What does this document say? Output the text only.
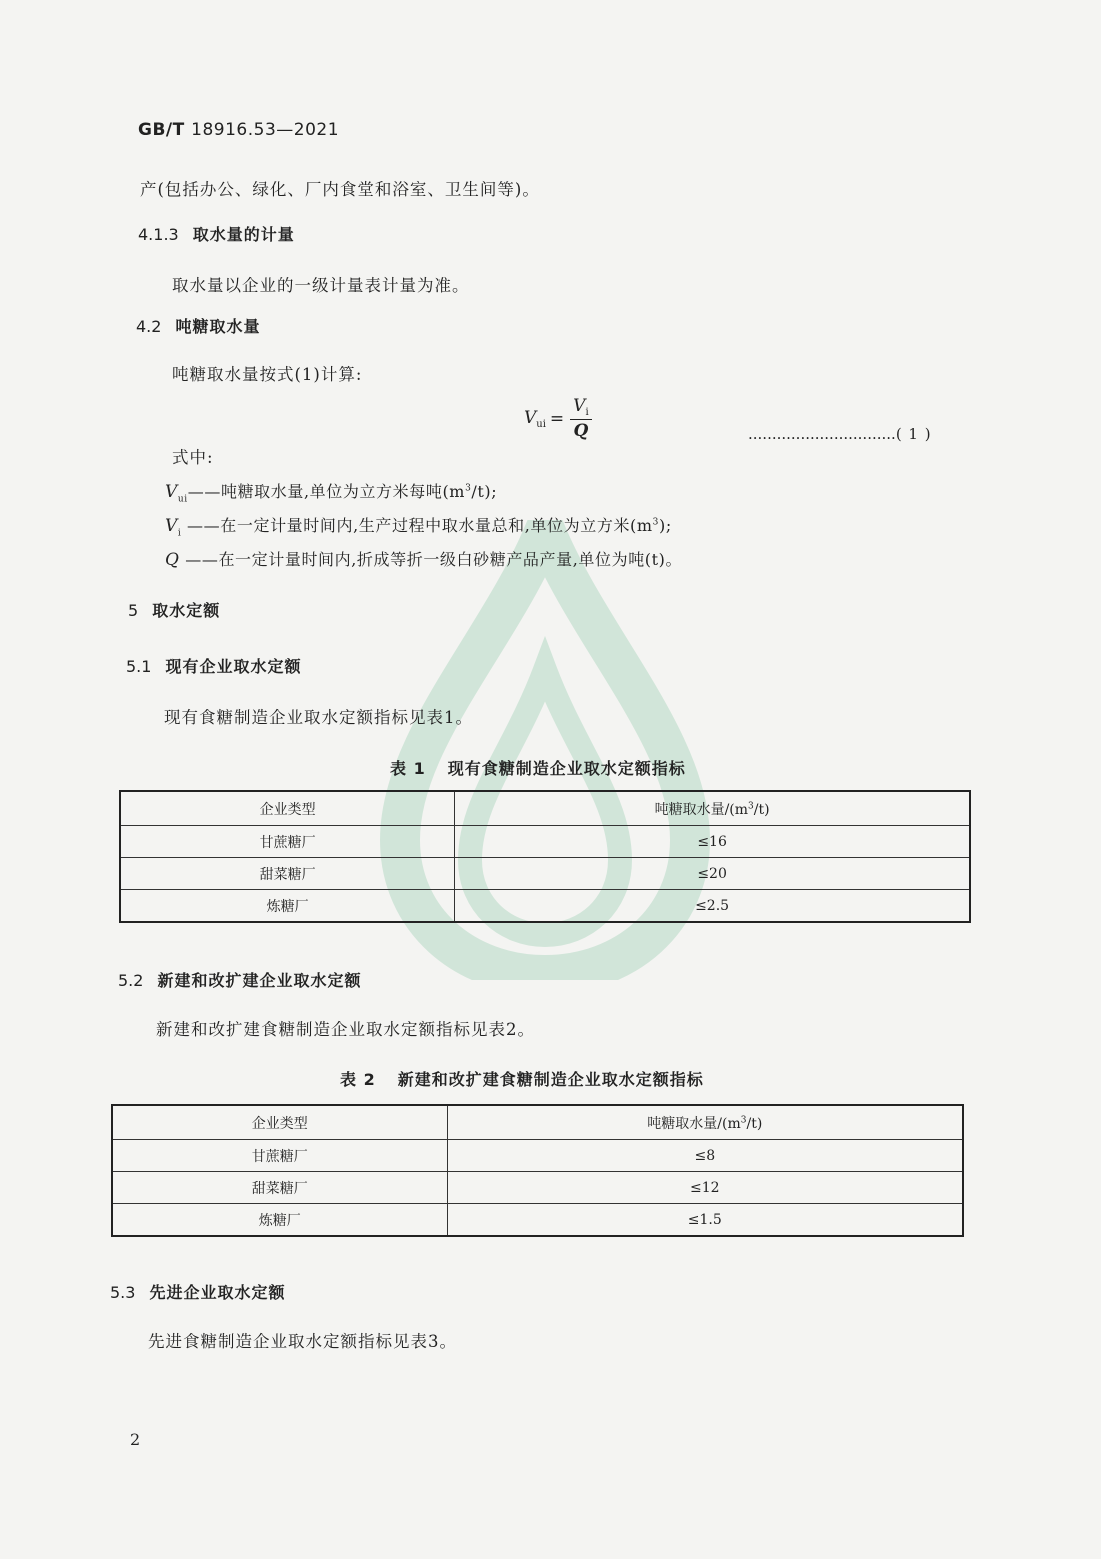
GB/T 18916.53—2021
产(包括办公、绿化、厂内食堂和浴室、卫生间等)。
4.1.3 取水量的计量
取水量以企业的一级计量表计量为准。
4.2 吨糖取水量
吨糖取水量按式(1)计算:
$V_{ui} = \frac{V_i}{Q}$	...............................( 1 )
式中:
$V_{ui}——$吨糖取水量,单位为立方米每吨$(m^3/t)$;
$V_i$ ——在一定计量时间内,生产过程中取水量总和,单位为立方米$(m^3)$;
Q ——在一定计量时间内,折成等折一级白砂糖产品产量,单位为吨(t)。
5 取水定额
5.1 现有企业取水定额
现有食糖制造企业取水定额指标见表1。
表 1 现有食糖制造企业取水定额指标
企业类型	吨糖取水量$/(m^3/t)$
甘蔗糖厂	≤16
甜菜糖厂	≤20
炼糖厂	≤2.5
5.2 新建和改扩建企业取水定额
新建和改扩建食糖制造企业取水定额指标见表2。
表 2 新建和改扩建食糖制造企业取水定额指标
企业类型	吨糖取水量$/(m^3/t)$
甘蔗糖厂	≤8
甜菜糖厂	≤12
炼糖厂	≤1.5
5.3 先进企业取水定额
先进食糖制造企业取水定额指标见表3。
2
